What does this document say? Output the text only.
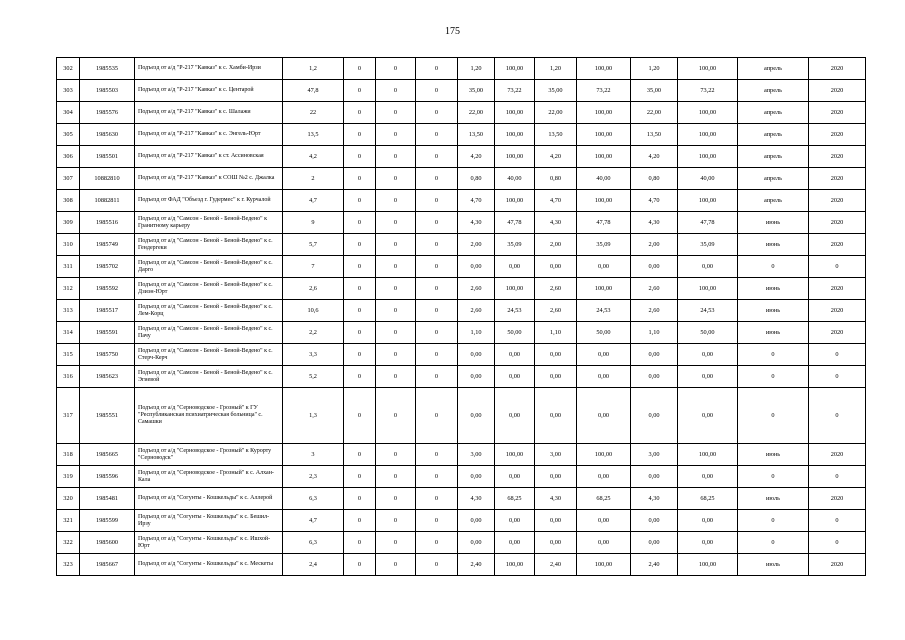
175
302	1985535	Подъезд от а/д "Р-217 "Кавказ" к с. Хамби-Ирзи	1,2	0	0	0	1,20	100,00	1,20	100,00	1,20	100,00	апрель	2020
303	1985503	Подъезд от а/д "Р-217 "Кавказ" к с. Центарой	47,8	0	0	0	35,00	73,22	35,00	73,22	35,00	73,22	апрель	2020
304	1985576	Подъезд от а/д "Р-217 "Кавказ" к с. Шалажи	22	0	0	0	22,00	100,00	22,00	100,00	22,00	100,00	апрель	2020
305	1985630	Подъезд от а/д "Р-217 "Кавказ" к с. Энгель-Юрт	13,5	0	0	0	13,50	100,00	13,50	100,00	13,50	100,00	апрель	2020
306	1985501	Подъезд от а/д "Р-217 "Кавказ" к ст. Ассиновская	4,2	0	0	0	4,20	100,00	4,20	100,00	4,20	100,00	апрель	2020
307	10882810	Подъезд от а/д "Р-217 "Кавказ" к СОШ №2 с. Джалка	2	0	0	0	0,80	40,00	0,80	40,00	0,80	40,00	апрель	2020
308	10882811	Подъезд от ФАД "Объезд г. Гудермес" к г. Курчалой	4,7	0	0	0	4,70	100,00	4,70	100,00	4,70	100,00	апрель	2020
309	1985516	Подъезд от а/д "Самсон - Беной - Беной-Ведено" к Гранитному карьеру	9	0	0	0	4,30	47,78	4,30	47,78	4,30	47,78	июнь	2020
310	1985749	Подъезд от а/д "Самсон - Беной - Беной-Ведено" к с. Гендергеки	5,7	0	0	0	2,00	35,09	2,00	35,09	2,00	35,09	июнь	2020
311	1985702	Подъезд от а/д "Самсон - Беной - Беной-Ведено" к с. Дарго	7	0	0	0	0,00	0,00	0,00	0,00	0,00	0,00	0	0
312	1985592	Подъезд от а/д "Самсон - Беной - Беной-Ведено" к с. Дзиэн-Юрт	2,6	0	0	0	2,60	100,00	2,60	100,00	2,60	100,00	июнь	2020
313	1985517	Подъезд от а/д "Самсон - Беной - Беной-Ведено" к с. Лем-Корц	10,6	0	0	0	2,60	24,53	2,60	24,53	2,60	24,53	июнь	2020
314	1985591	Подъезд от а/д "Самсон - Беной - Беной-Ведено" к с. Пачу	2,2	0	0	0	1,10	50,00	1,10	50,00	1,10	50,00	июнь	2020
315	1985750	Подъезд от а/д "Самсон - Беной - Беной-Ведено" к с. Стерч-Керч	3,3	0	0	0	0,00	0,00	0,00	0,00	0,00	0,00	0	0
316	1985623	Подъезд от а/д "Самсон - Беной - Беной-Ведено" к с. Эгиевой	5,2	0	0	0	0,00	0,00	0,00	0,00	0,00	0,00	0	0
317	1985551	Подъезд от а/д "Серноводское - Грозный" к ГУ "Республиканская психиатрическая больница" с. Самашки	1,3	0	0	0	0,00	0,00	0,00	0,00	0,00	0,00	0	0
318	1985665	Подъезд от а/д "Серноводское - Грозный" к Курорту "Серноводск"	3	0	0	0	3,00	100,00	3,00	100,00	3,00	100,00	июнь	2020
319	1985596	Подъезд от а/д "Серноводское - Грозный" к с. Алхан-Кала	2,3	0	0	0	0,00	0,00	0,00	0,00	0,00	0,00	0	0
320	1985481	Подъезд от а/д "Согунты - Кошкельды" к с. Аллерой	6,3	0	0	0	4,30	68,25	4,30	68,25	4,30	68,25	июль	2020
321	1985599	Подъезд от а/д "Согунты - Кошкельды" к с. Бешил-Ирзу	4,7	0	0	0	0,00	0,00	0,00	0,00	0,00	0,00	0	0
322	1985600	Подъезд от а/д "Согунты - Кошкельды" к с. Ишхой-Юрт	6,3	0	0	0	0,00	0,00	0,00	0,00	0,00	0,00	0	0
323	1985667	Подъезд от а/д "Согунты - Кошкельды" к с. Мескеты	2,4	0	0	0	2,40	100,00	2,40	100,00	2,40	100,00	июль	2020
